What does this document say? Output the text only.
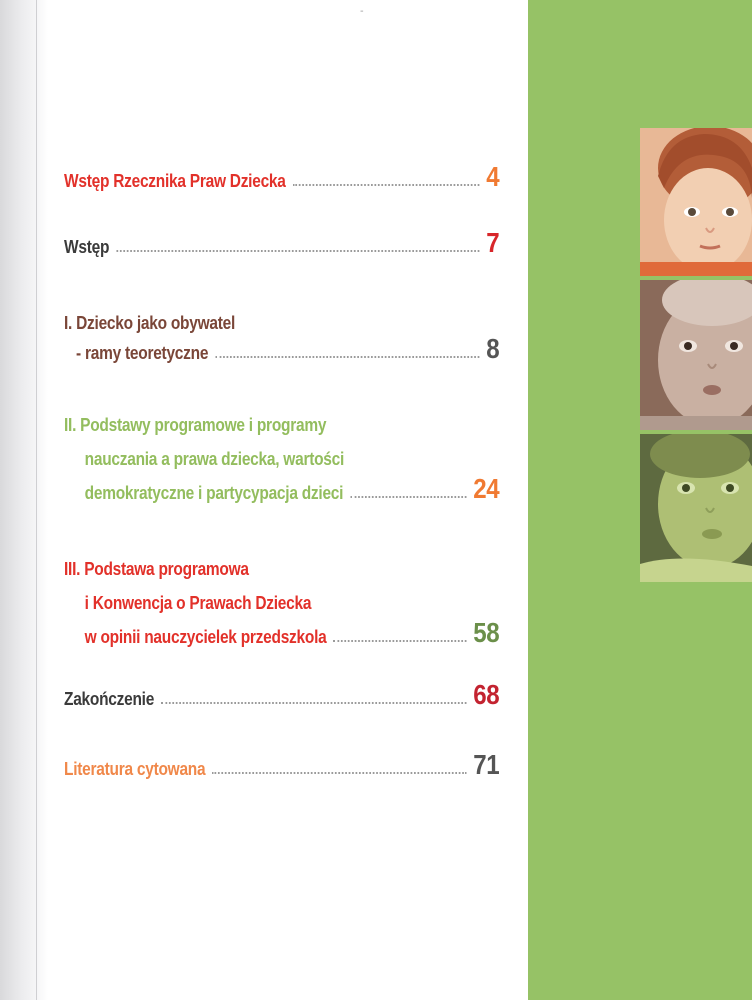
-
Wstęp Rzecznika Praw Dziecka	4
Wstęp	7
I. Dziecko jako obywatel
- ramy teoretyczne	8
II. Podstawy programowe i programy
nauczania a prawa dziecka, wartości
demokratyczne i partycypacja dzieci	24
III. Podstawa programowa
i Konwencja o Prawach Dziecka
w opinii nauczycielek przedszkola	58
Zakończenie	68
Literatura cytowana	71
